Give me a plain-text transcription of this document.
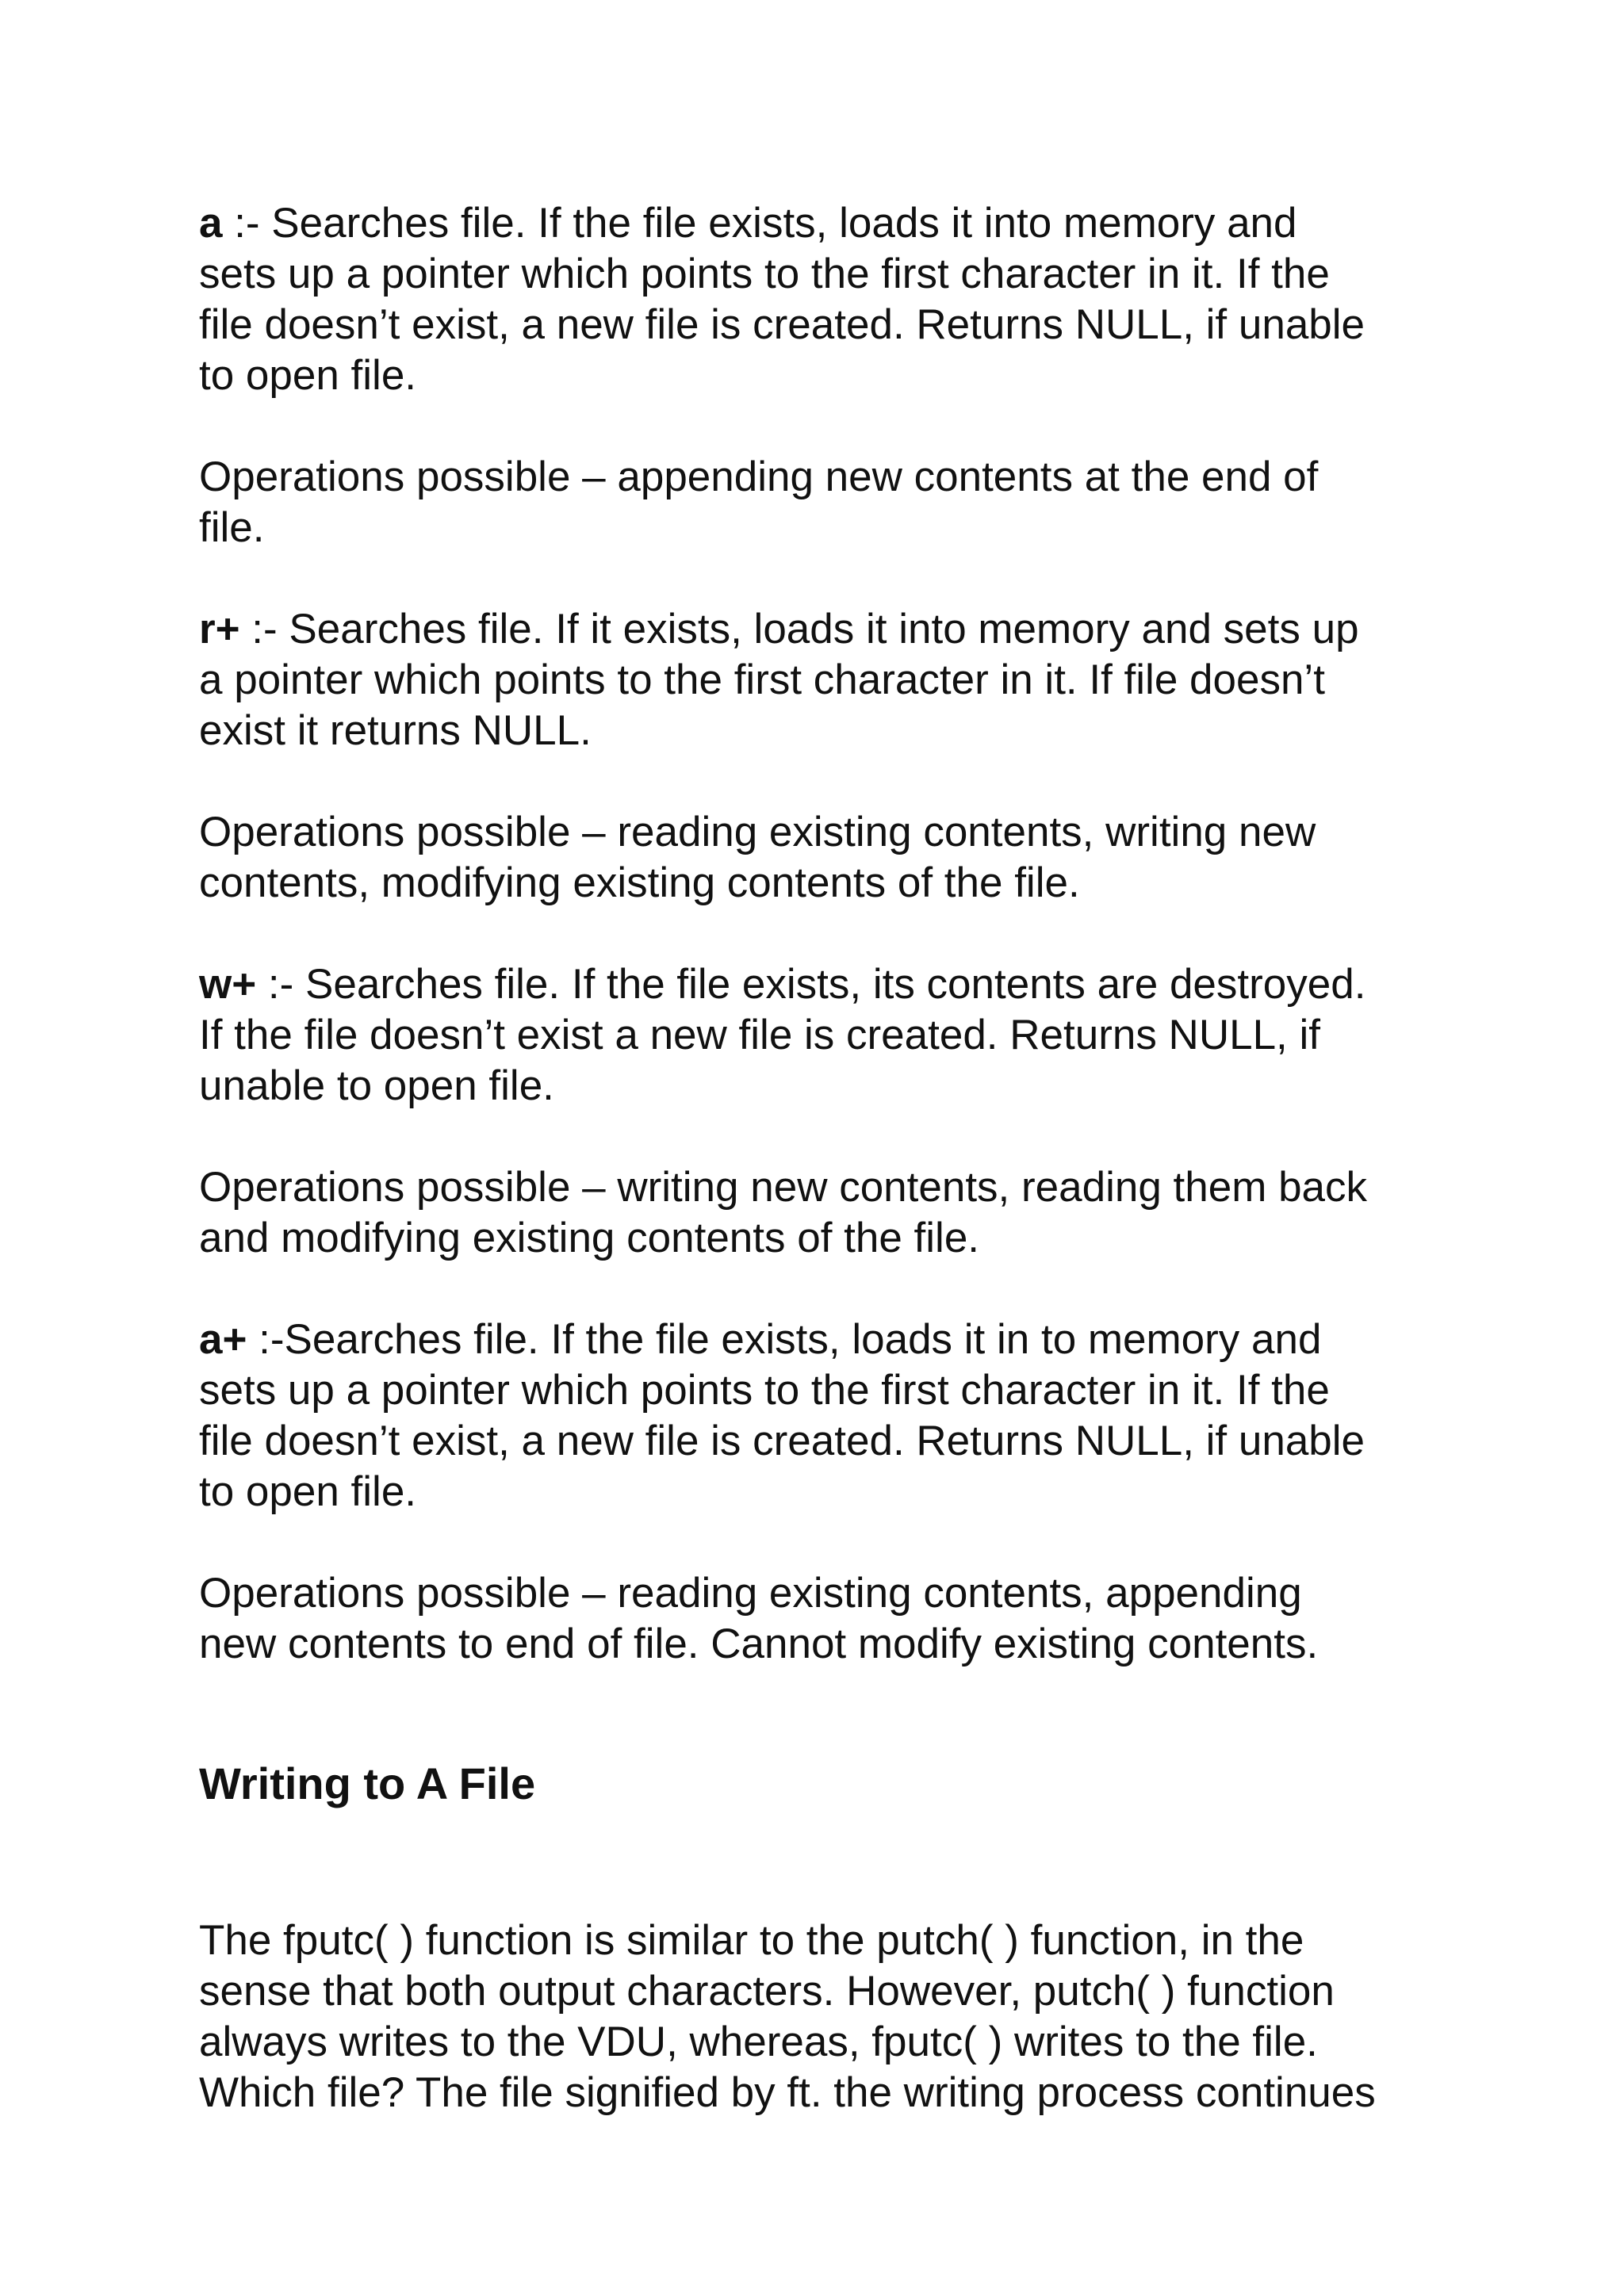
a :- Searches file. If the file exists, loads it into memory and
sets up a pointer which points to the first character in it. If the
file doesn’t exist, a new file is created. Returns NULL, if unable
to open file.

Operations possible – appending new contents at the end of
file.

r+ :- Searches file. If it exists, loads it into memory and sets up
a pointer which points to the first character in it. If file doesn’t
exist it returns NULL.

Operations possible – reading existing contents, writing new
contents, modifying existing contents of the file.

w+ :- Searches file. If the file exists, its contents are destroyed.
If the file doesn’t exist a new file is created. Returns NULL, if
unable to open file.

Operations possible – writing new contents, reading them back
and modifying existing contents of the file.

a+ :-Searches file. If the file exists, loads it in to memory and
sets up a pointer which points to the first character in it. If the
file doesn’t exist, a new file is created. Returns NULL, if unable
to open file.

Operations possible – reading existing contents, appending
new contents to end of file. Cannot modify existing contents.

Writing to A File

The fputc( ) function is similar to the putch( ) function, in the
sense that both output characters. However, putch( ) function
always writes to the VDU, whereas, fputc( ) writes to the file.
Which file? The file signified by ft. the writing process continues
